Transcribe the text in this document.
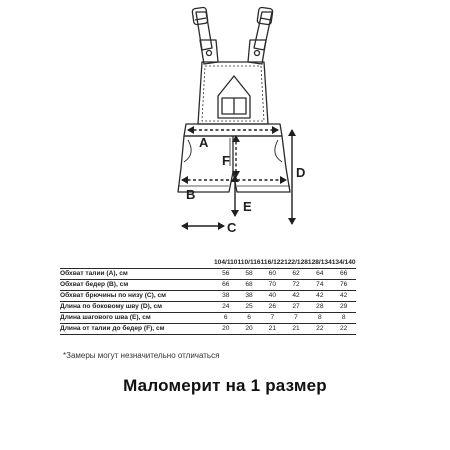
A
B
C
D
E
F
	104/110	110/116	116/122	122/128	128/134	134/140
Обхват талии (А), см	56	58	60	62	64	66
Обхват бедер (В), см	66	68	70	72	74	76
Обхват брючины по низу (С), см	38	38	40	42	42	42
Длина по боковому шву (D), см	24	25	26	27	28	29
Длина шагового шва (Е), см	6	6	7	7	8	8
Длина от талии до бедер (F), см	20	20	21	21	22	22
*Замеры могут незначительно отличаться
Маломерит на 1 размер
